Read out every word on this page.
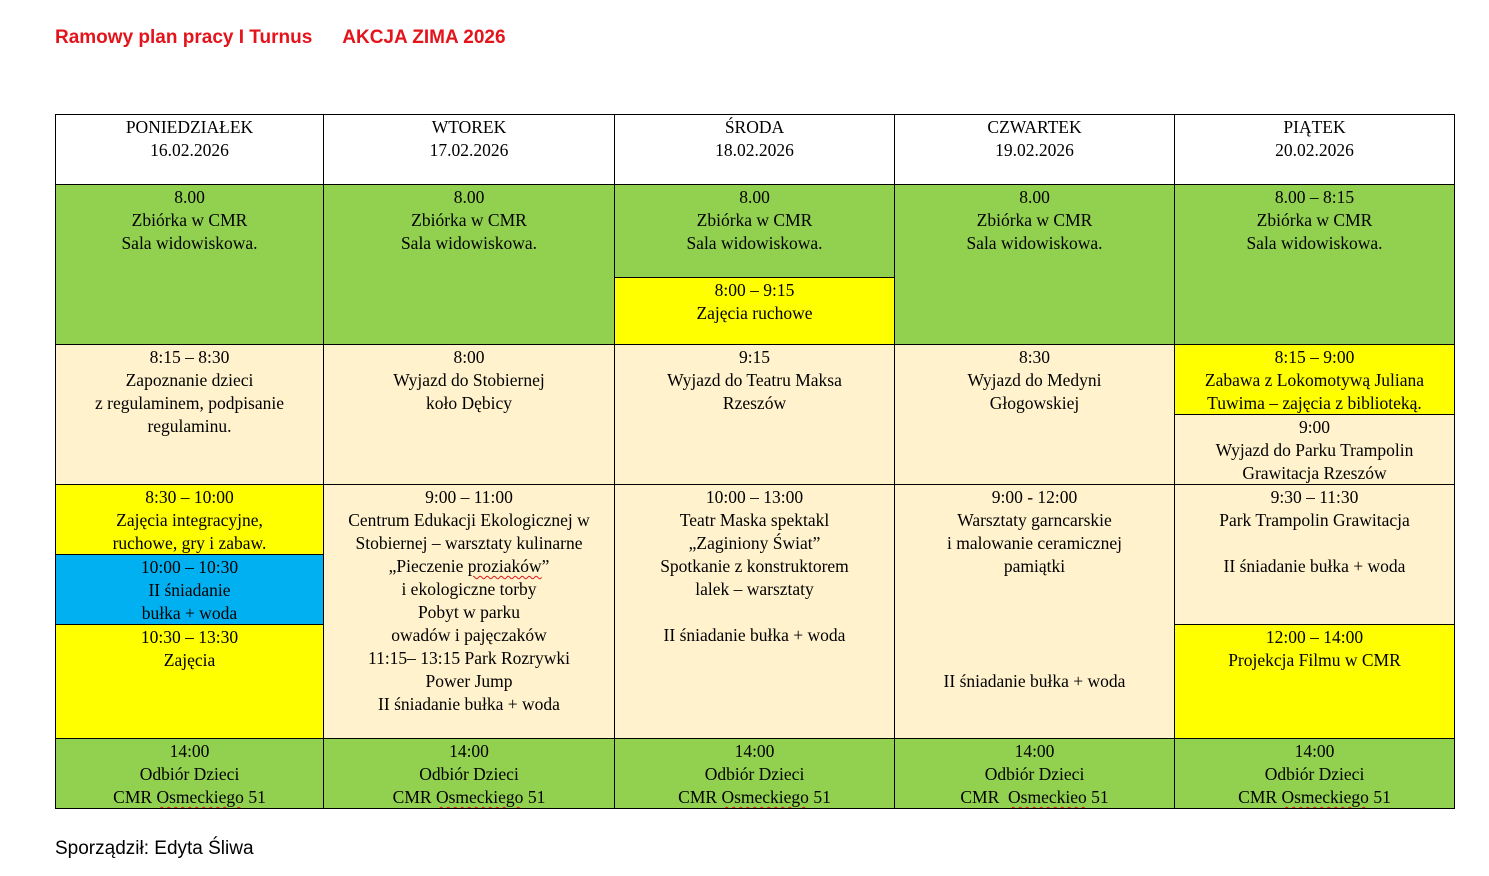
Ramowy plan pracy I Turnus AKCJA ZIMA 2026
PONIEDZIAŁEK
16.02.2026
WTOREK
17.02.2026
ŚRODA
18.02.2026
CZWARTEK
19.02.2026
PIĄTEK
20.02.2026
8.00
Zbiórka w CMR
Sala widowiskowa.
8:15 – 8:30
Zapoznanie dzieci
z regulaminem, podpisanie
regulaminu.
8:30 – 10:00
Zajęcia integracyjne,
ruchowe, gry i zabaw.
10:00 – 10:30
II śniadanie
bułka + woda
10:30 – 13:30
Zajęcia
14:00
Odbiór Dzieci
CMR Osmeckiego 51
8.00
Zbiórka w CMR
Sala widowiskowa.
8:00
Wyjazd do Stobiernej
koło Dębicy
9:00 – 11:00
Centrum Edukacji Ekologicznej w
Stobiernej – warsztaty kulinarne
„Pieczenie proziaków”
i ekologiczne torby
Pobyt w parku
owadów i pajęczaków
11:15– 13:15 Park Rozrywki
Power Jump
II śniadanie bułka + woda
14:00
Odbiór Dzieci
CMR Osmeckiego 51
8.00
Zbiórka w CMR
Sala widowiskowa.
8:00 – 9:15
Zajęcia ruchowe
9:15
Wyjazd do Teatru Maksa
Rzeszów
10:00 – 13:00
Teatr Maska spektakl
„Zaginiony Świat”
Spotkanie z konstruktorem
lalek – warsztaty
II śniadanie bułka + woda
14:00
Odbiór Dzieci
CMR Osmeckiego 51
8.00
Zbiórka w CMR
Sala widowiskowa.
8:30
Wyjazd do Medyni
Głogowskiej
9:00 - 12:00
Warsztaty garncarskie
i malowanie ceramicznej
pamiątki
II śniadanie bułka + woda
14:00
Odbiór Dzieci
CMR  Osmeckieo 51
8.00 – 8:15
Zbiórka w CMR
Sala widowiskowa.
8:15 – 9:00
Zabawa z Lokomotywą Juliana
Tuwima – zajęcia z biblioteką.
9:00
Wyjazd do Parku Trampolin
Grawitacja Rzeszów
9:30 – 11:30
Park Trampolin Grawitacja
II śniadanie bułka + woda
12:00 – 14:00
Projekcja Filmu w CMR
14:00
Odbiór Dzieci
CMR Osmeckiego 51
Sporządził: Edyta Śliwa
